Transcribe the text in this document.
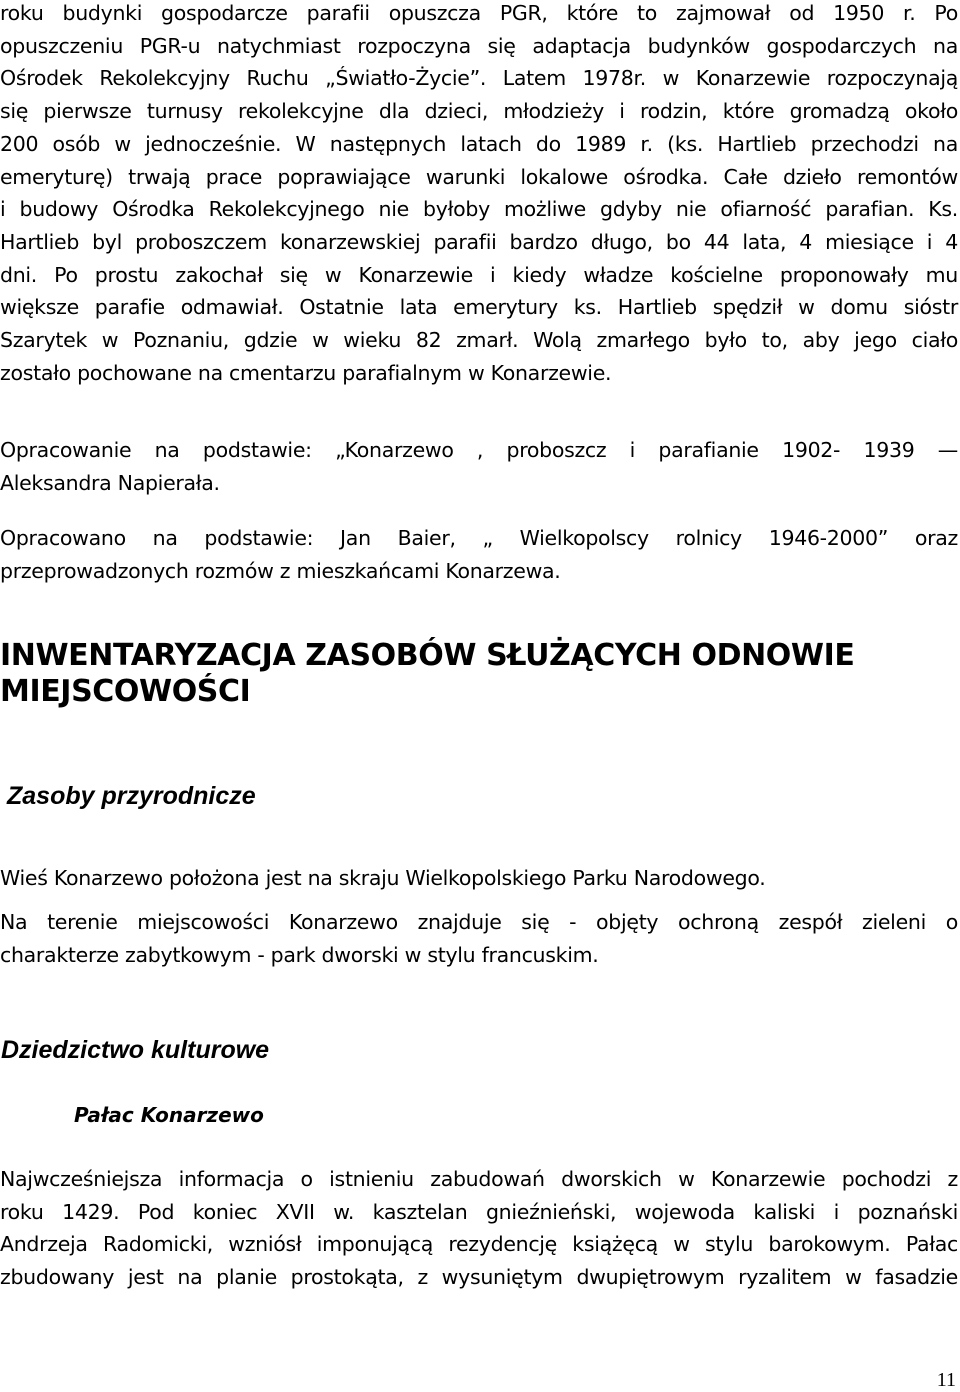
roku budynki gospodarcze parafii opuszcza PGR, które to zajmował od 1950 r. Po
opuszczeniu PGR-u natychmiast rozpoczyna się adaptacja budynków gospodarczych na
Ośrodek Rekolekcyjny Ruchu „Światło-Życie”. Latem 1978r. w Konarzewie rozpoczynają
się pierwsze turnusy rekolekcyjne dla dzieci, młodzieży i rodzin, które gromadzą około
200 osób w jednocześnie. W następnych latach do 1989 r. (ks. Hartlieb przechodzi na
emeryturę) trwają prace poprawiające warunki lokalowe ośrodka. Całe dzieło remontów
i budowy Ośrodka Rekolekcyjnego nie byłoby możliwe gdyby nie ofiarność parafian. Ks.
Hartlieb byl proboszczem konarzewskiej parafii bardzo długo, bo 44 lata, 4 miesiące i 4
dni. Po prostu zakochał się w Konarzewie i kiedy władze kościelne proponowały mu
większe parafie odmawiał. Ostatnie lata emerytury ks. Hartlieb spędził w domu sióstr
Szarytek w Poznaniu, gdzie w wieku 82 zmarł. Wolą zmarłego było to, aby jego ciało
zostało pochowane na cmentarzu parafialnym w Konarzewie.
Opracowanie na podstawie: „Konarzewo , proboszcz i parafianie 1902- 1939 —
Aleksandra Napierała.
Opracowano na podstawie: Jan Baier, „ Wielkopolscy rolnicy 1946-2000” oraz
przeprowadzonych rozmów z mieszkańcami Konarzewa.
INWENTARYZACJA ZASOBÓW SŁUŻĄCYCH ODNOWIE
MIEJSCOWOŚCI
Zasoby przyrodnicze
Wieś Konarzewo położona jest na skraju Wielkopolskiego Parku Narodowego.
Na terenie miejscowości Konarzewo znajduje się - objęty ochroną zespół zieleni o
charakterze zabytkowym - park dworski w stylu francuskim.
Dziedzictwo kulturowe
Pałac Konarzewo
Najwcześniejsza informacja o istnieniu zabudowań dworskich w Konarzewie pochodzi z
roku 1429. Pod koniec XVII w. kasztelan gnieźnieński, wojewoda kaliski i poznański
Andrzeja Radomicki, wzniósł imponującą rezydencję książęcą w stylu barokowym. Pałac
zbudowany jest na planie prostokąta, z wysuniętym dwupiętrowym ryzalitem w fasadzie
11
